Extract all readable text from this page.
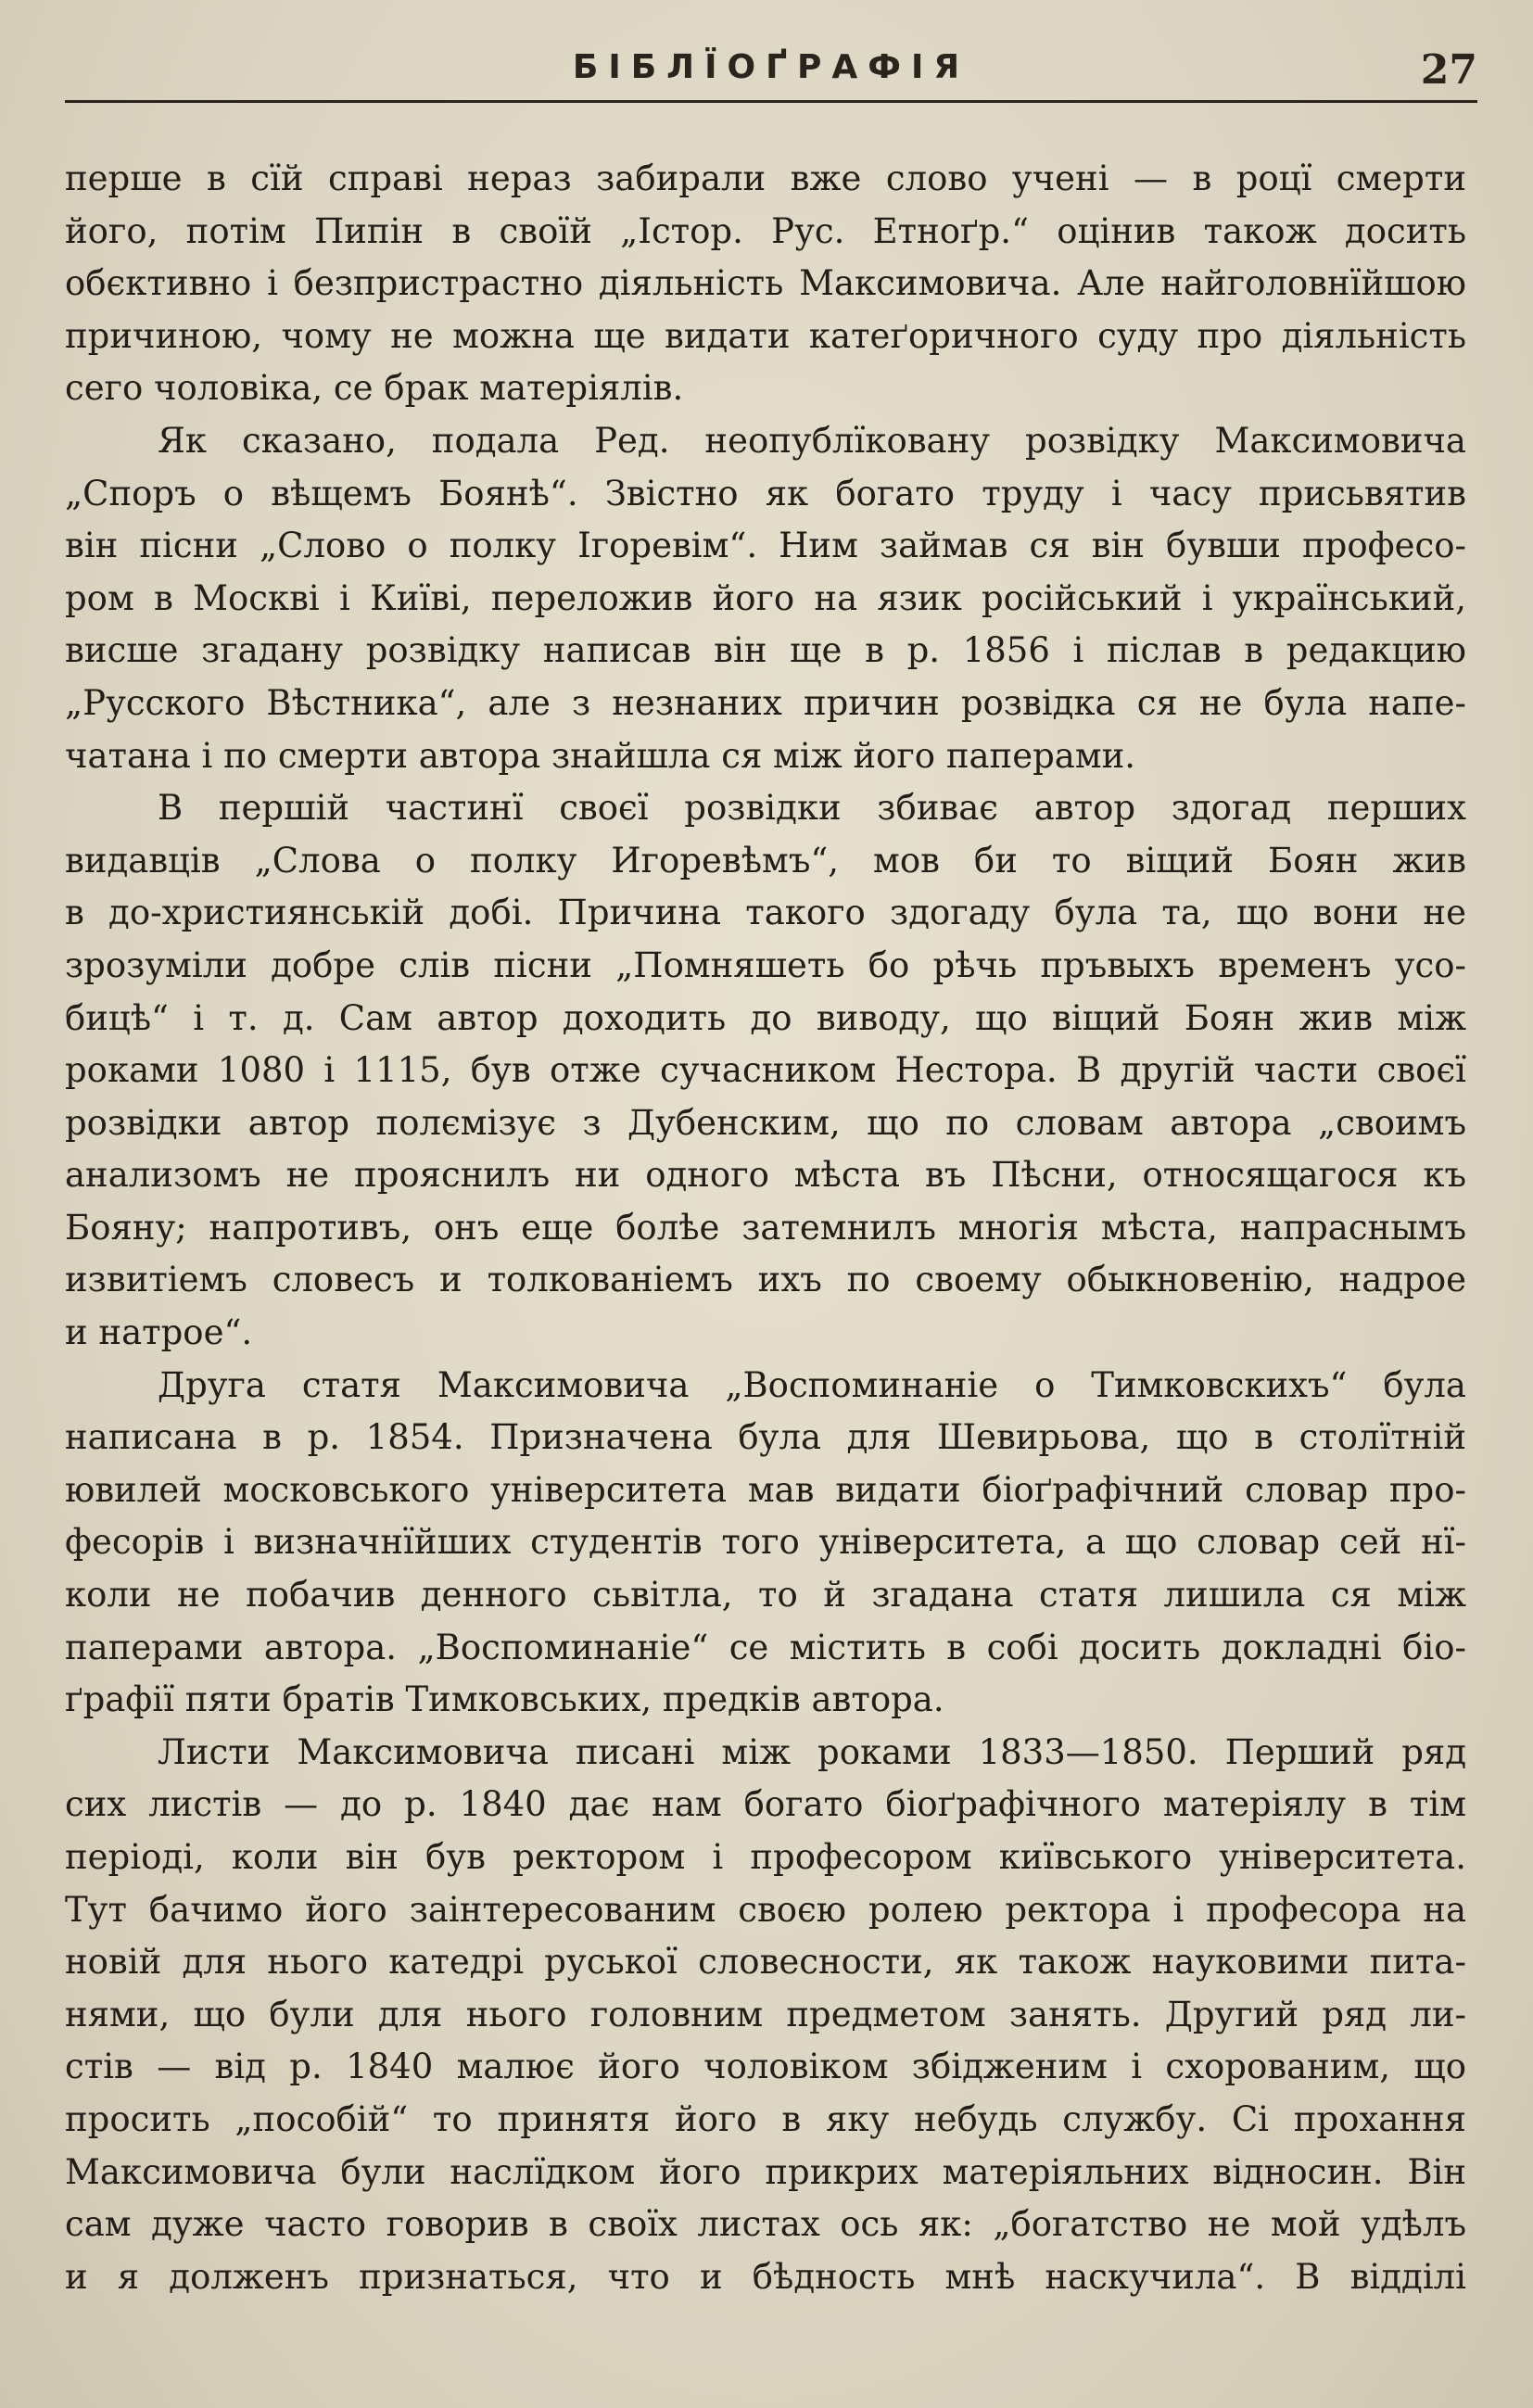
БІБЛЇОҐРАФІЯ	27
перше в сїй справі нераз забирали вже слово учені — в роцї смерти
його, потім Пипін в своїй „Істор. Рус. Етноґр.“ оцінив також досить
обєктивно і безпристрастно діяльність Максимовича. Але найголовнїйшою
причиною, чому не можна ще видати катеґоричного суду про діяльність
сего чоловіка, се брак матеріялів.
Як сказано, подала Ред. неопублїковану розвідку Максимовича
„Споръ о вѣщемъ Боянѣ“. Звістно як богато труду і часу присьвятив
він пісни „Слово о полку Ігоревім“. Ним займав ся він бувши професо-
ром в Москві і Київі, переложив його на язик російський і український,
висше згадану розвідку написав він ще в р. 1856 і післав в редакцию
„Русского Вѣстника“, але з незнаних причин розвідка ся не була напе-
чатана і по смерти автора знайшла ся між його паперами.
В першій частинї своєї розвідки збиває автор здогад перших
видавців „Слова о полку Игоревѣмъ“, мов би то віщий Боян жив
в до-християнській добі. Причина такого здогаду була та, що вони не
зрозуміли добре слів пісни „Помняшеть бо рѣчь пръвыхъ временъ усо-
бицѣ“ і т. д. Сам автор доходить до виводу, що віщий Боян жив між
роками 1080 і 1115, був отже сучасником Нестора. В другій части своєї
розвідки автор полємізує з Дубенским, що по словам автора „своимъ
анализомъ не прояснилъ ни одного мѣста въ Пѣсни, относящагося къ
Бояну; напротивъ, онъ еще болѣе затемнилъ многія мѣста, напраснымъ
извитіемъ словесъ и толкованіемъ ихъ по своему обыкновенію, надрое
и натрое“.
Друга статя Максимовича „Воспоминаніе о Тимковскихъ“ була
написана в р. 1854. Призначена була для Шевирьова, що в столїтній
ювилей московського університета мав видати біоґрафічний словар про-
фесорів і визначнїйших студентів того університета, а що словар сей нї-
коли не побачив денного сьвітла, то й згадана статя лишила ся між
паперами автора. „Воспоминаніе“ се містить в собі досить докладні біо-
ґрафії пяти братів Тимковських, предків автора.
Листи Максимовича писані між роками 1833—1850. Перший ряд
сих листів — до р. 1840 дає нам богато біоґрафічного матеріялу в тім
періоді, коли він був ректором і професором київського університета.
Тут бачимо його заінтересованим своєю ролею ректора і професора на
новій для нього катедрі руської словесности, як також науковими пита-
нями, що були для нього головним предметом занять. Другий ряд ли-
стів — від р. 1840 малює його чоловіком збідженим і схорованим, що
просить „пособій“ то принятя його в яку небудь службу. Сі прохання
Максимовича були наслїдком його прикрих матеріяльних відносин. Він
сам дуже часто говорив в своїх листах ось як: „богатство не мой удѣлъ
и я долженъ признаться, что и бѣдность мнѣ наскучила“. В відділі
